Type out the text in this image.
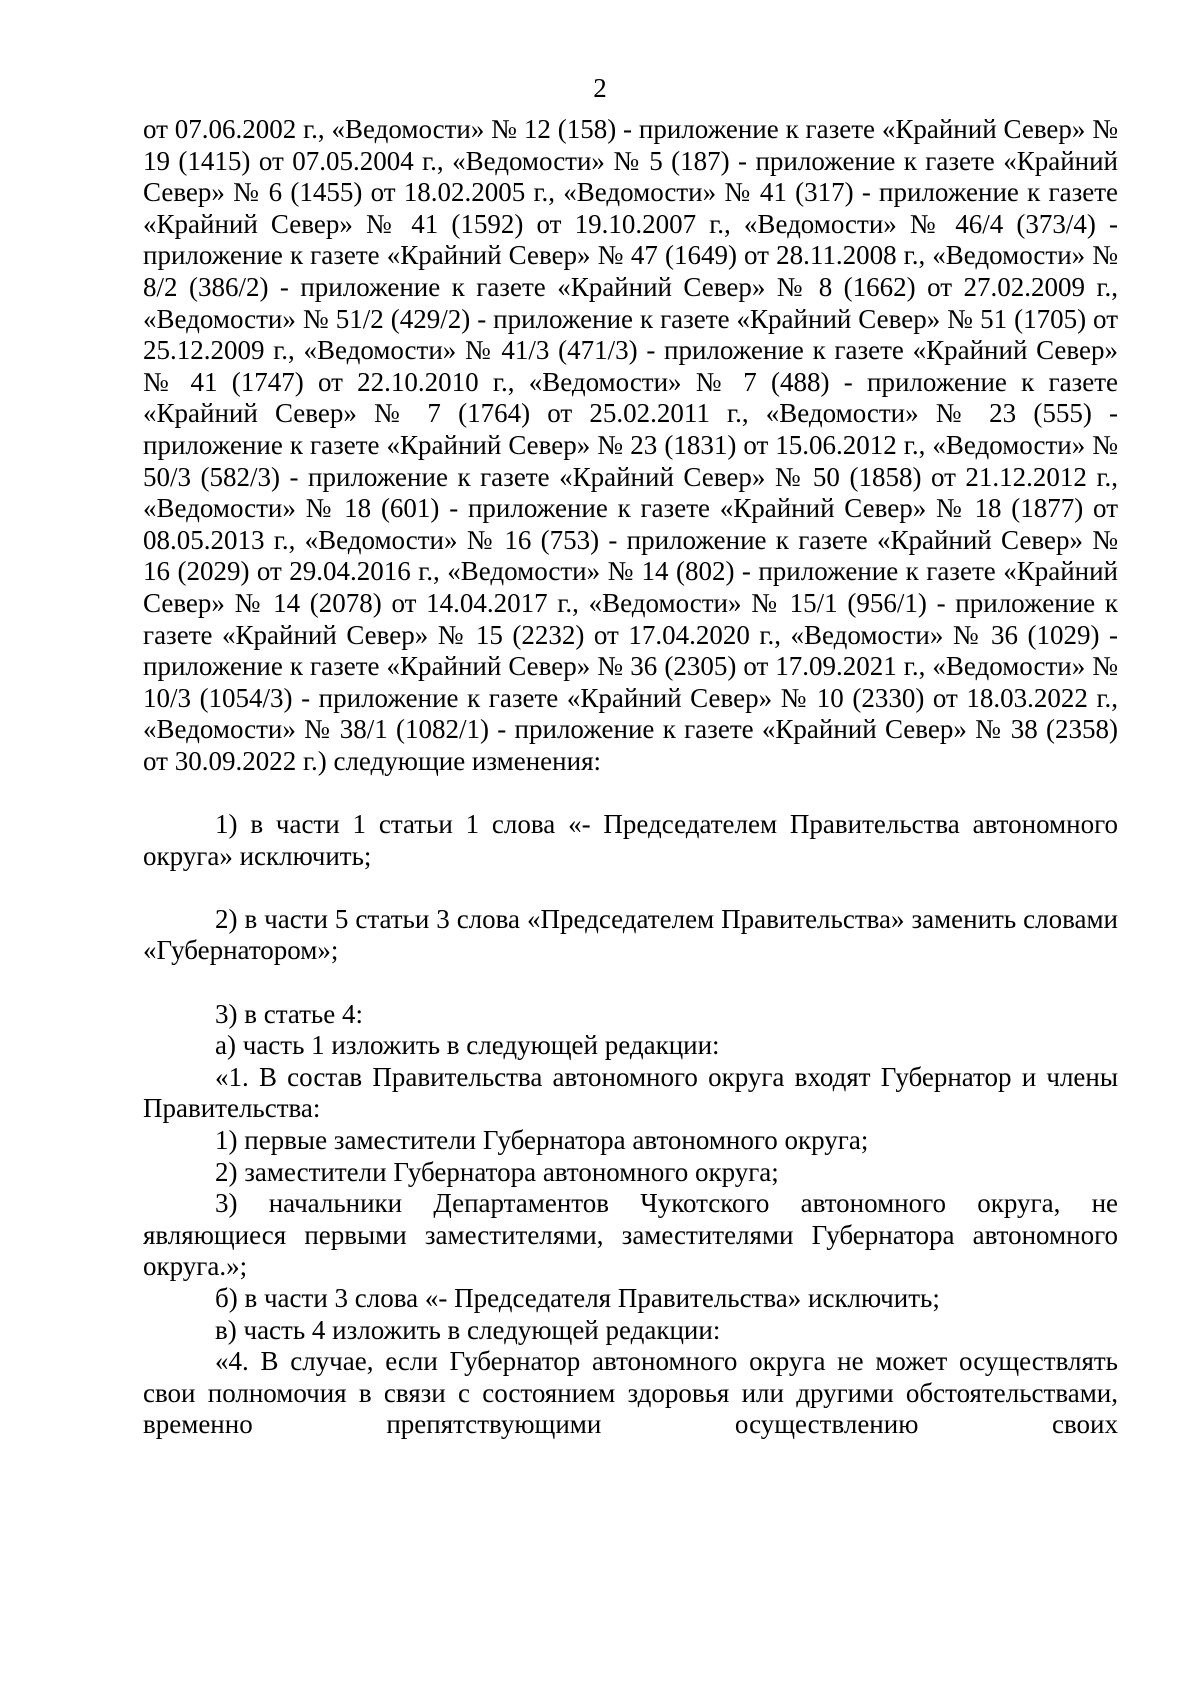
2

от 07.06.2002 г., «Ведомости» № 12 (158) - приложение к газете «Крайний Север» № 19 (1415) от 07.05.2004 г., «Ведомости» № 5 (187) - приложение к газете «Крайний Север» № 6 (1455) от 18.02.2005 г., «Ведомости» № 41 (317) - приложение к газете «Крайний Север» № 41 (1592) от 19.10.2007 г., «Ведомости» № 46/4 (373/4) - приложение к газете «Крайний Север» № 47 (1649) от 28.11.2008 г., «Ведомости» № 8/2 (386/2) - приложение к газете «Крайний Север» № 8 (1662) от 27.02.2009 г., «Ведомости» № 51/2 (429/2) - приложение к газете «Крайний Север» № 51 (1705) от 25.12.2009 г., «Ведомости» № 41/3 (471/3) - приложение к газете «Крайний Север» № 41 (1747) от 22.10.2010 г., «Ведомости» № 7 (488) - приложение к газете «Крайний Север» № 7 (1764) от 25.02.2011 г., «Ведомости» № 23 (555) - приложение к газете «Крайний Север» № 23 (1831) от 15.06.2012 г., «Ведомости» № 50/3 (582/3) - приложение к газете «Крайний Север» № 50 (1858) от 21.12.2012 г., «Ведомости» № 18 (601) - приложение к газете «Крайний Север» № 18 (1877) от 08.05.2013 г., «Ведомости» № 16 (753) - приложение к газете «Крайний Север» № 16 (2029) от 29.04.2016 г., «Ведомости» № 14 (802) - приложение к газете «Крайний Север» № 14 (2078) от 14.04.2017 г., «Ведомости» № 15/1 (956/1) - приложение к газете «Крайний Север» № 15 (2232) от 17.04.2020 г., «Ведомости» № 36 (1029) - приложение к газете «Крайний Север» № 36 (2305) от 17.09.2021 г., «Ведомости» № 10/3 (1054/3) - приложение к газете «Крайний Север» № 10 (2330) от 18.03.2022 г., «Ведомости» № 38/1 (1082/1) - приложение к газете «Крайний Север» № 38 (2358) от 30.09.2022 г.) следующие изменения:

1) в части 1 статьи 1 слова «- Председателем Правительства автономного округа» исключить;

2) в части 5 статьи 3 слова «Председателем Правительства» заменить словами «Губернатором»;

3) в статье 4:

а) часть 1 изложить в следующей редакции:

«1. В состав Правительства автономного округа входят Губернатор и члены Правительства:

1) первые заместители Губернатора автономного округа;

2) заместители Губернатора автономного округа;

3) начальники Департаментов Чукотского автономного округа, не являющиеся первыми заместителями, заместителями Губернатора автономного округа.»;

б) в части 3 слова «- Председателя Правительства» исключить;

в) часть 4 изложить в следующей редакции:

«4. В случае, если Губернатор автономного округа не может осуществлять свои полномочия в связи с состоянием здоровья или другими обстоятельствами, временно препятствующими осуществлению своих
